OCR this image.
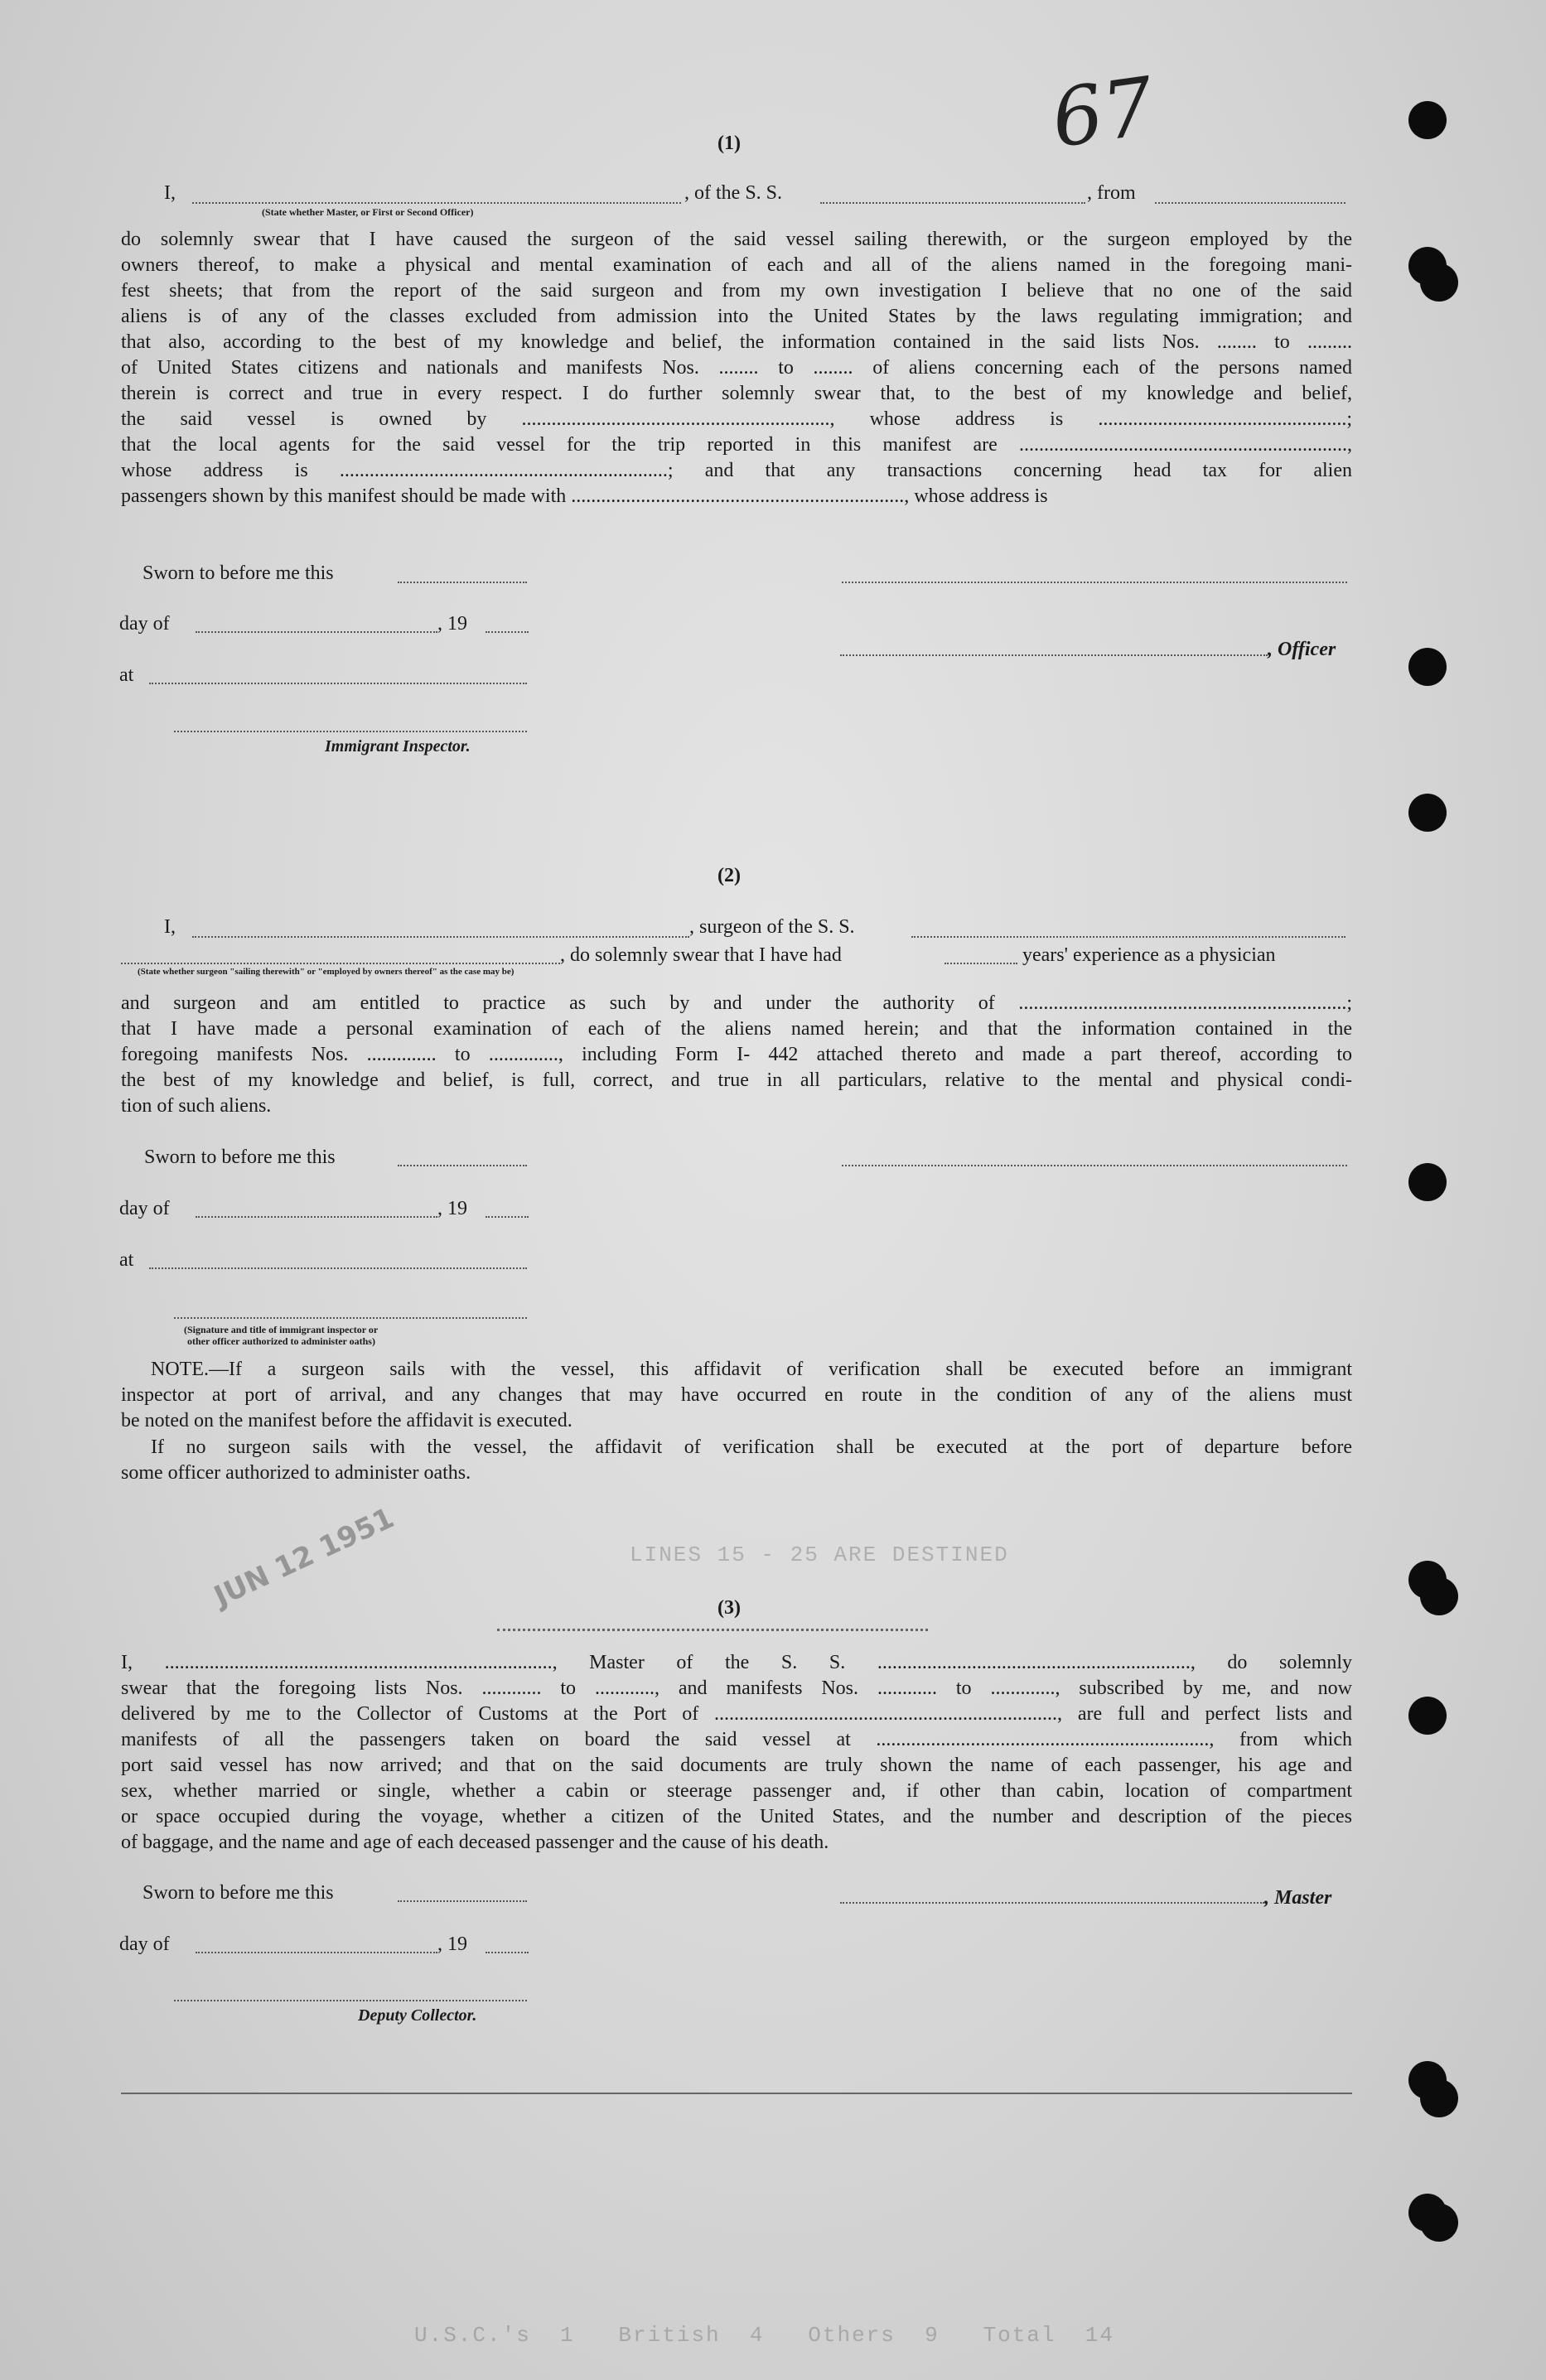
LINES 15 - 25 ARE DESTINED
U.S.C.'s  1   British  4   Others  9   Total  14
JUN 12 1951
67
(1)
I,	, of the S. S.	, from
(State whether Master, or First or Second Officer)
do solemnly swear that I have caused the surgeon of the said vessel sailing therewith, or the surgeon employed by the
owners thereof, to make a physical and mental examination of each and all of the aliens named in the foregoing mani-
fest sheets; that from the report of the said surgeon and from my own investigation I believe that no one of the said
aliens is of any of the classes excluded from admission into the United States by the laws regulating immigration; and
that also, according to the best of my knowledge and belief, the information contained in the said lists Nos. ........ to .........
of United States citizens and nationals and manifests Nos. ........ to ........ of aliens concerning each of the persons named
therein is correct and true in every respect. I do further solemnly swear that, to the best of my knowledge and belief,
the said vessel is owned by .............................................................., whose address is ..................................................;
that the local agents for the said vessel for the trip reported in this manifest are ..................................................................,
whose address is ..................................................................; and that any transactions concerning head tax for alien
passengers shown by this manifest should be made with ..................................................................., whose address is
Sworn to before me this
day of	, 19
, Officer
at
Immigrant Inspector.
(2)
I,	, surgeon of the S. S.
, do solemnly swear that I have had	years' experience as a physician
(State whether surgeon "sailing therewith" or "employed by owners thereof" as the case may be)
and surgeon and am entitled to practice as such by and under the authority of ..................................................................;
that I have made a personal examination of each of the aliens named herein; and that the information contained in the
foregoing manifests Nos. .............. to .............., including Form I- 442 attached thereto and made a part thereof, according to
the best of my knowledge and belief, is full, correct, and true in all particulars, relative to the mental and physical condi-
tion of such aliens.
Sworn to before me this
day of	, 19
at
(Signature and title of immigrant inspector or
other officer authorized to administer oaths)
NOTE.—If a surgeon sails with the vessel, this affidavit of verification shall be executed before an immigrant
inspector at port of arrival, and any changes that may have occurred en route in the condition of any of the aliens must
be noted on the manifest before the affidavit is executed.
If no surgeon sails with the vessel, the affidavit of verification shall be executed at the port of departure before
some officer authorized to administer oaths.
(3)
I, .............................................................................., Master of the S. S. ..............................................................., do solemnly
swear that the foregoing lists Nos. ............ to ............, and manifests Nos. ............ to ............., subscribed by me, and now
delivered by me to the Collector of Customs at the Port of ....................................................................., are full and perfect lists and
manifests of all the passengers taken on board the said vessel at ..................................................................., from which
port said vessel has now arrived; and that on the said documents are truly shown the name of each passenger, his age and
sex, whether married or single, whether a cabin or steerage passenger and, if other than cabin, location of compartment
or space occupied during the voyage, whether a citizen of the United States, and the number and description of the pieces
of baggage, and the name and age of each deceased passenger and the cause of his death.
Sworn to before me this	, Master
day of	, 19
Deputy Collector.
